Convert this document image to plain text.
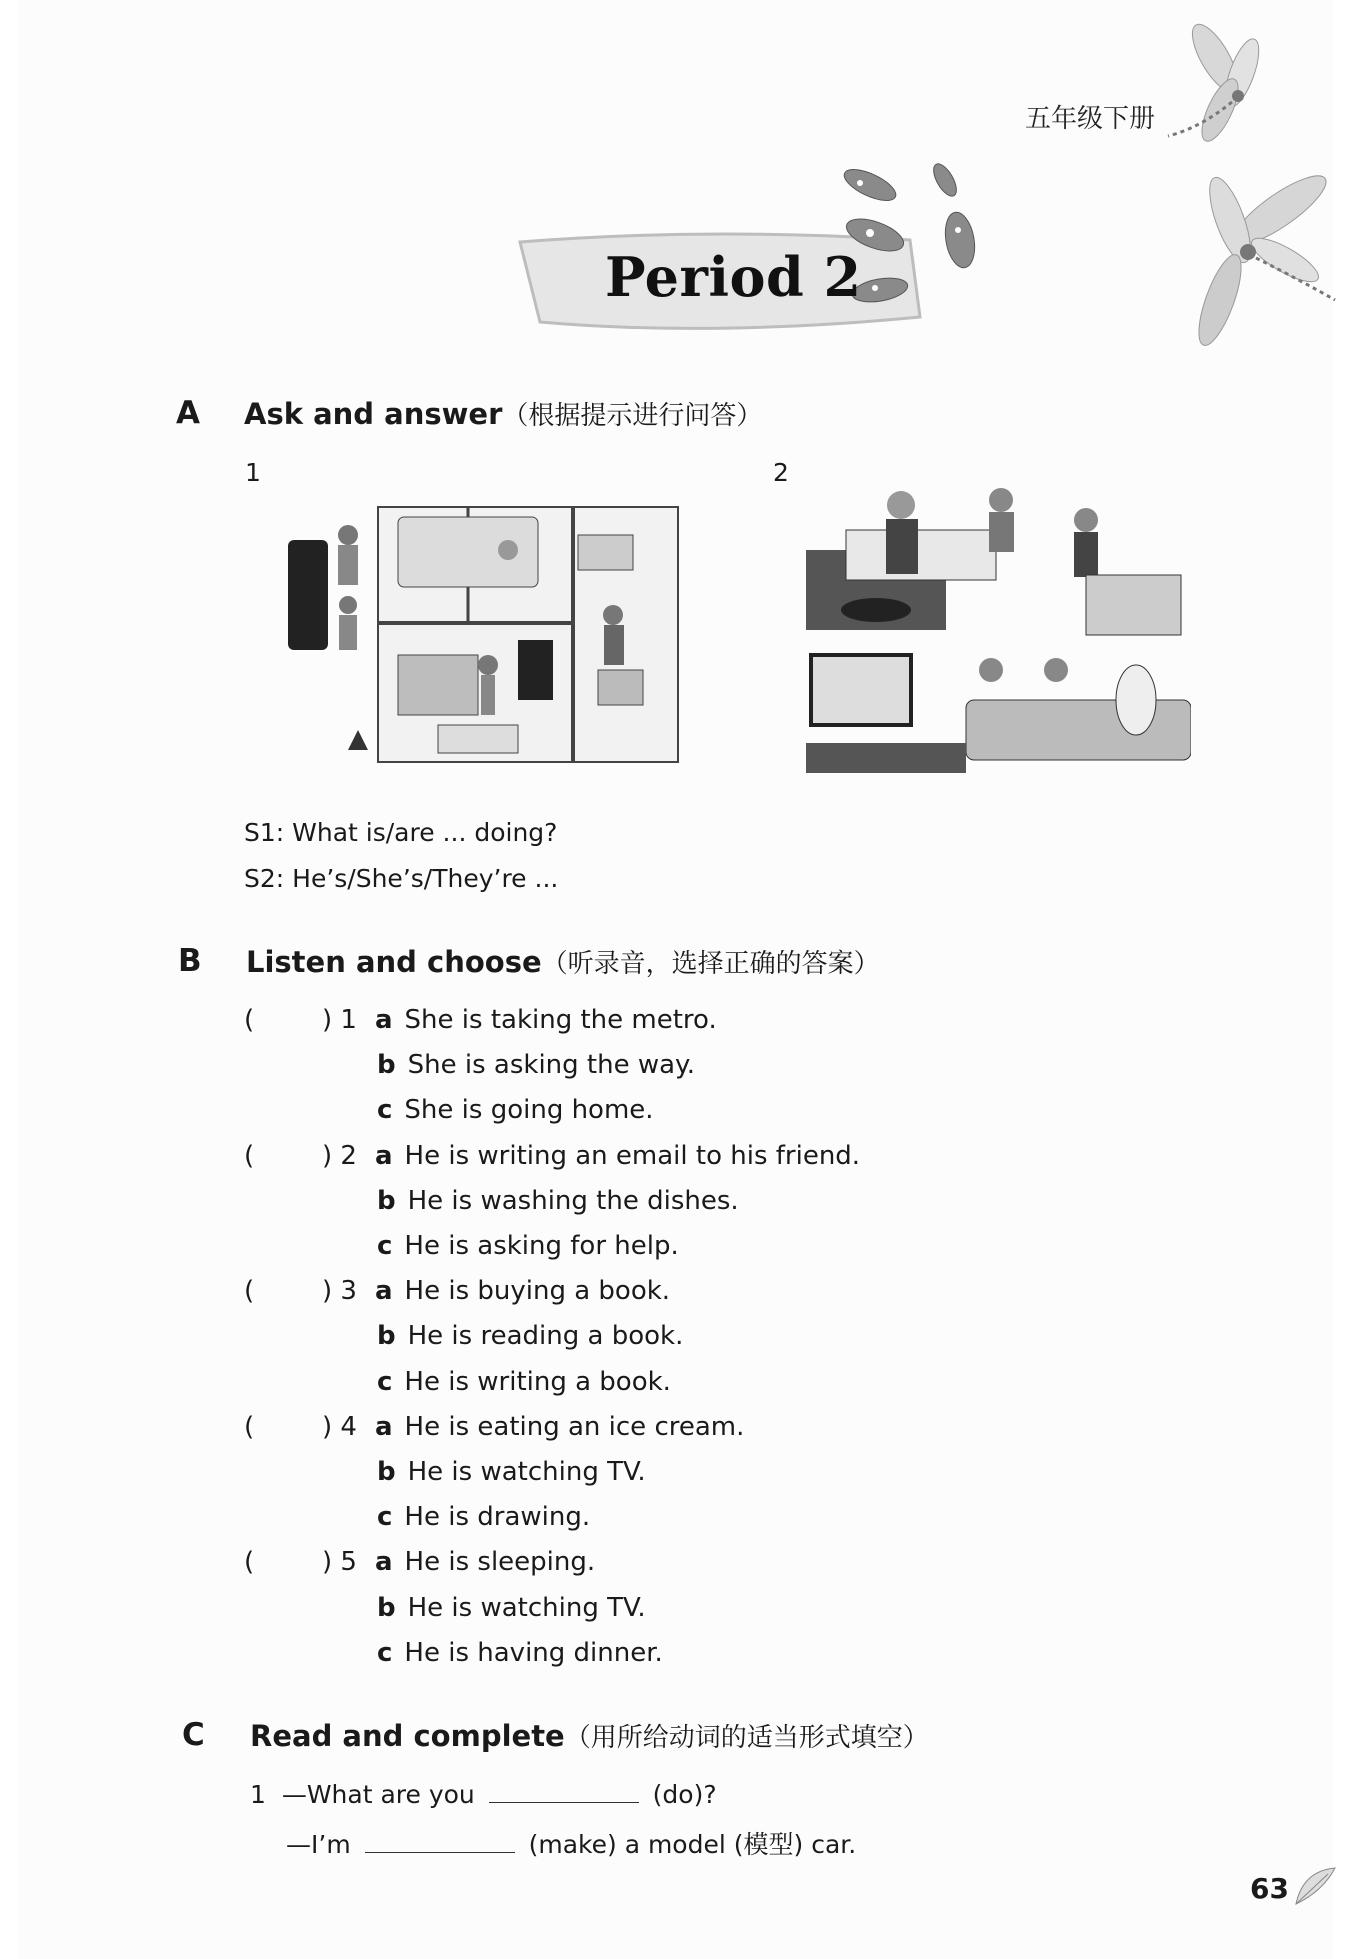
五年级下册
Period 2
A Ask and answer（根据提示进行问答）
1	2
S1: What is/are ... doing?
S2: He’s/She’s/They’re ...
B Listen and choose（听录音，选择正确的答案）
(	) 1 a She is taking the metro.
b She is asking the way.
c She is going home.
(	) 2 a He is writing an email to his friend.
b He is washing the dishes.
c He is asking for help.
(	) 3 a He is buying a book.
b He is reading a book.
c He is writing a book.
(	) 4 a He is eating an ice cream.
b He is watching TV.
c He is drawing.
(	) 5 a He is sleeping.
b He is watching TV.
c He is having dinner.
C Read and complete（用所给动词的适当形式填空）
1 —What are you	(do)?
—I’m	(make) a model (模型) car.
63
